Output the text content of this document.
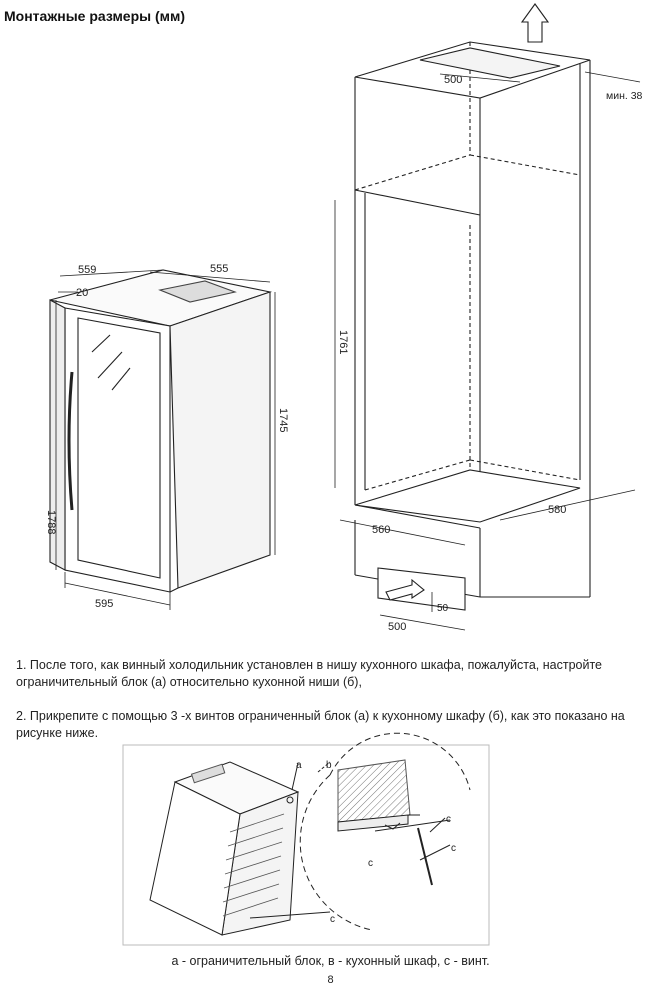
Монтажные размеры (мм)
559
20
555
1788
1745
595
500
мин. 38
1761
560
580
500
50
a b
c
c
c
c
1. После того, как винный холодильник установлен в нишу кухонного шкафа, пожалуйста, настройте ограничительный блок (а) относительно кухонной ниши (б),
2. Прикрепите с помощью 3 -х винтов ограниченный блок (а) к кухонному шкафу (б), как это показано на рисунке ниже.
а - ограничительный блок, в - кухонный шкаф, с - винт.
8
